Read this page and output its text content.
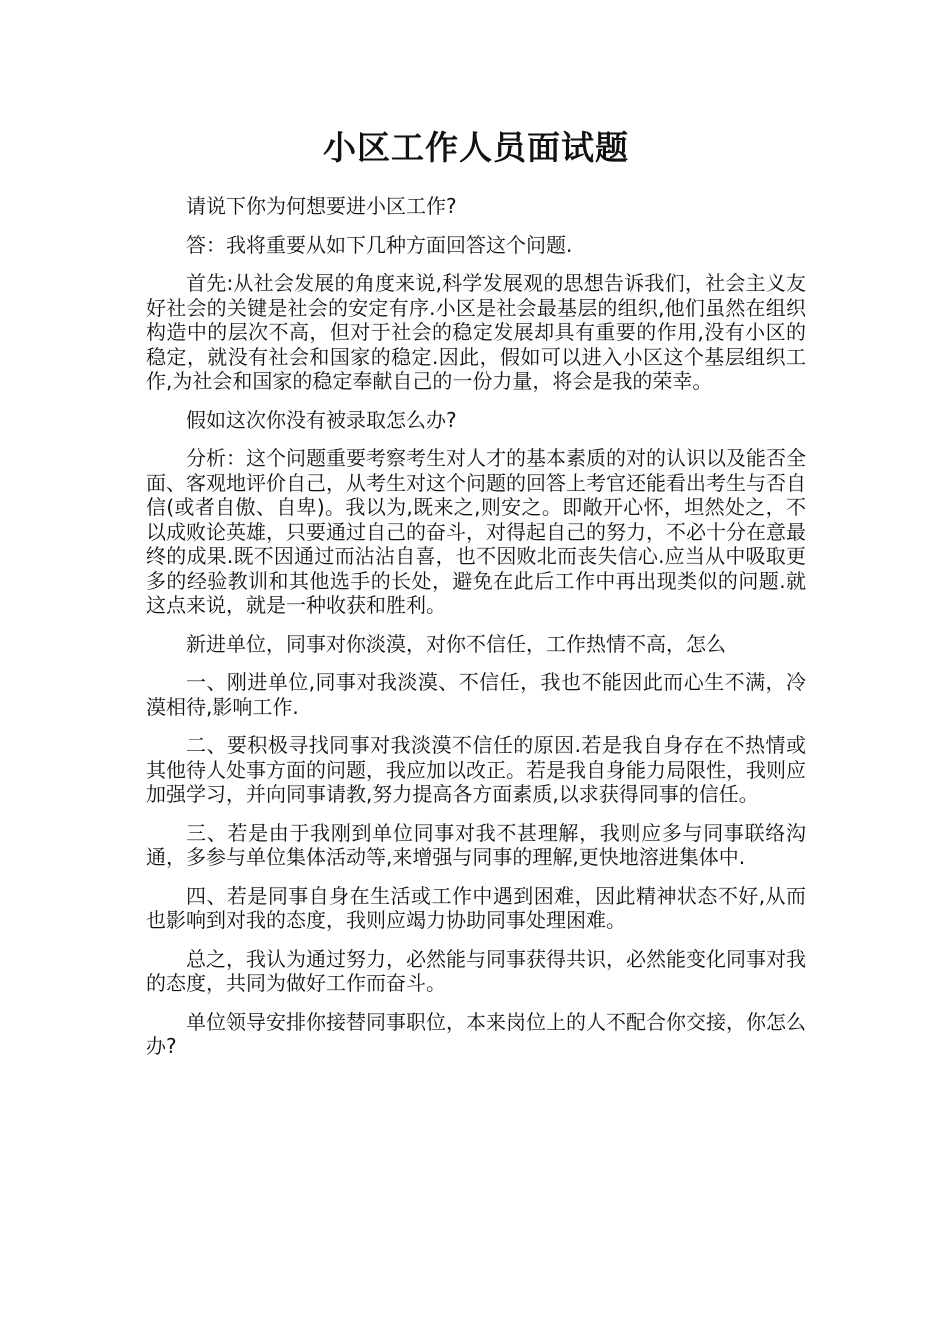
小区工作人员面试题

请说下你为何想要进小区工作?

答：我将重要从如下几种方面回答这个问题.

首先:从社会发展的角度来说,科学发展观的思想告诉我们，社会主义友好社会的关键是社会的安定有序.小区是社会最基层的组织,他们虽然在组织构造中的层次不高，但对于社会的稳定发展却具有重要的作用,没有小区的稳定，就没有社会和国家的稳定.因此，假如可以进入小区这个基层组织工作,为社会和国家的稳定奉献自己的一份力量，将会是我的荣幸。

假如这次你没有被录取怎么办?

分析：这个问题重要考察考生对人才的基本素质的对的认识以及能否全面、客观地评价自己，从考生对这个问题的回答上考官还能看出考生与否自信(或者自傲、自卑)。我以为,既来之,则安之。即敞开心怀，坦然处之，不以成败论英雄，只要通过自己的奋斗，对得起自己的努力，不必十分在意最终的成果.既不因通过而沾沾自喜，也不因败北而丧失信心.应当从中吸取更多的经验教训和其他选手的长处，避免在此后工作中再出现类似的问题.就这点来说，就是一种收获和胜利。

新进单位，同事对你淡漠，对你不信任，工作热情不高，怎么

一、刚进单位,同事对我淡漠、不信任，我也不能因此而心生不满，冷漠相待,影响工作.

二、要积极寻找同事对我淡漠不信任的原因.若是我自身存在不热情或其他待人处事方面的问题，我应加以改正。若是我自身能力局限性，我则应加强学习，并向同事请教,努力提高各方面素质,以求获得同事的信任。

三、若是由于我刚到单位同事对我不甚理解，我则应多与同事联络沟通，多参与单位集体活动等,来增强与同事的理解,更快地溶进集体中.

四、若是同事自身在生活或工作中遇到困难，因此精神状态不好,从而也影响到对我的态度，我则应竭力协助同事处理困难。

总之，我认为通过努力，必然能与同事获得共识，必然能变化同事对我的态度，共同为做好工作而奋斗。

单位领导安排你接替同事职位，本来岗位上的人不配合你交接，你怎么办?
